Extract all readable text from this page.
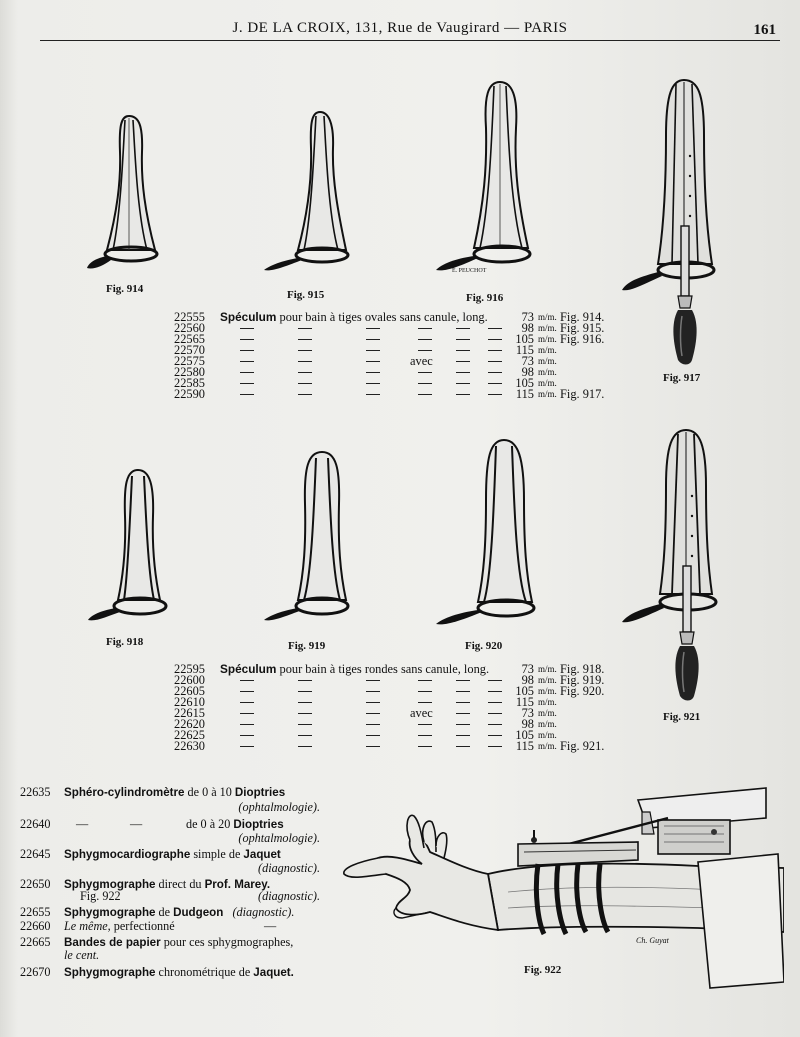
J. DE LA CROIX, 131, Rue de Vaugirard — PARIS	161
Fig. 914	Fig. 915
E. PEUCHOT
Fig. 916
Fig. 917
22555	Spéculum pour bain à tiges ovales sans canule, long.	73 m/m. Fig. 914.
22560	98 m/m. Fig. 915.
22565	105 m/m. Fig. 916.
22570	115 m/m.
22575	avec	73 m/m.
22580	98 m/m.
22585	105 m/m.
22590	115 m/m. Fig. 917.
Fig. 918	Fig. 919	Fig. 920
Fig. 921
22595	Spéculum pour bain à tiges rondes sans canule, long.	73 m/m. Fig. 918.
22600	98 m/m. Fig. 919.
22605	105 m/m. Fig. 920.
22610	115 m/m.
22615	avec	73 m/m.
22620	98 m/m.
22625	105 m/m.
22630	115 m/m. Fig. 921.
22635 Sphéro-cylindromètre de 0 à 10 Dioptries
(ophtalmologie).
22640 —	—	de 0 à 20 Dioptries
(ophtalmologie).
22645 Sphygmocardiographe simple de Jaquet
(diagnostic).
22650 Sphygmographe direct du Prof. Marey.
Fig. 922	(diagnostic).
22655 Sphygmographe de Dudgeon (diagnostic).
22660 Le même, perfectionné	—
22665 Bandes de papier pour ces sphygmographes,
le cent.
22670 Sphygmographe chronométrique de Jaquet.
Ch. Guyat
Fig. 922
